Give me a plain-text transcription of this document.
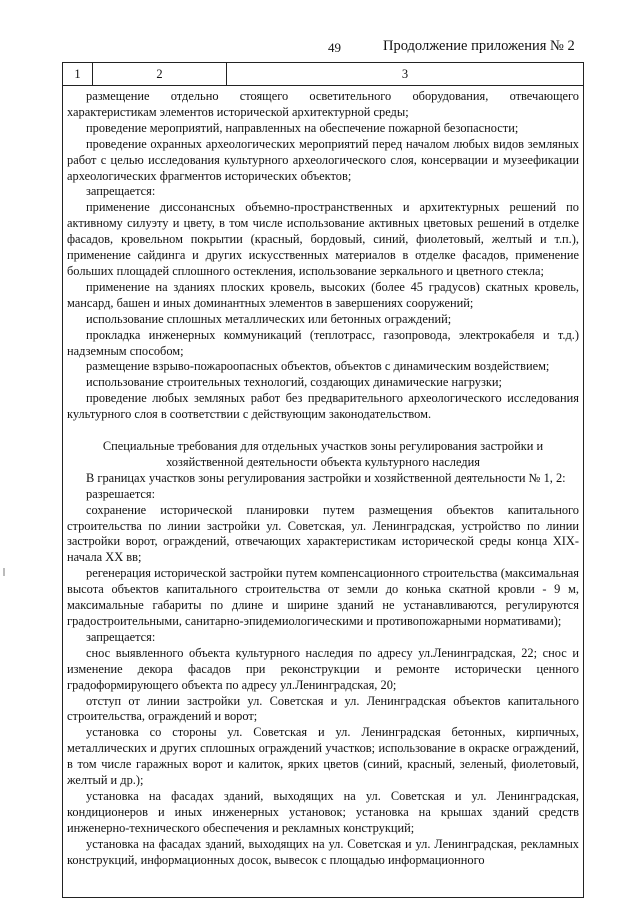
49	Продолжение приложения № 2
1	2	3

размещение отдельно стоящего осветительного оборудования, отвечающего характеристикам элементов исторической архитектурной среды;

проведение мероприятий, направленных на обеспечение пожарной безопасности;

проведение охранных археологических мероприятий перед началом любых видов земляных работ с целью исследования культурного археологического слоя, консервации и музеефикации археологических фрагментов исторических объектов;

запрещается:

применение диссонансных объемно-пространственных и архитектурных решений по активному силуэту и цвету, в том числе использование активных цветовых решений в отделке фасадов, кровельном покрытии (красный, бордовый, синий, фиолетовый, желтый и т.п.), применение сайдинга и других искусственных материалов в отделке фасадов, применение больших площадей сплошного остекления, использование зеркального и цветного стекла;

применение на зданиях плоских кровель, высоких (более 45 градусов) скатных кровель, мансард, башен и иных доминантных элементов в завершениях сооружений;

использование сплошных металлических или бетонных ограждений;

прокладка инженерных коммуникаций (теплотрасс, газопровода, электрокабеля и т.д.) надземным способом;

размещение взрыво-пожароопасных объектов, объектов с динамическим воздействием;

использование строительных технологий, создающих динамические нагрузки;

проведение любых земляных работ без предварительного археологического исследования культурного слоя в соответствии с действующим законодательством.

Специальные требования для отдельных участков зоны регулирования застройки и хозяйственной деятельности объекта культурного наследия

В границах участков зоны регулирования застройки и хозяйственной деятельности № 1, 2:

разрешается:

сохранение исторической планировки путем размещения объектов капитального строительства по линии застройки ул. Советская, ул. Ленинградская, устройство по линии застройки ворот, ограждений, отвечающих характеристикам исторической среды конца XIX- начала XX вв;

регенерация исторической застройки путем компенсационного строительства (максимальная высота объектов капитального строительства от земли до конька скатной кровли - 9 м, максимальные габариты по длине и ширине зданий не устанавливаются, регулируются градостроительными, санитарно-эпидемиологическими и противопожарными нормативами);

запрещается:

снос выявленного объекта культурного наследия по адресу ул.Ленинградская, 22; снос и изменение декора фасадов при реконструкции и ремонте исторически ценного градоформирующего объекта по адресу ул.Ленинградская, 20;

отступ от линии застройки ул. Советская и ул. Ленинградская объектов капитального строительства, ограждений и ворот;

установка со стороны ул. Советская и ул. Ленинградская бетонных, кирпичных, металлических и других сплошных ограждений участков; использование в окраске ограждений, в том числе гаражных ворот и калиток, ярких цветов (синий, красный, зеленый, фиолетовый, желтый и др.);

установка на фасадах зданий, выходящих на ул. Советская и ул. Ленинградская, кондиционеров и иных инженерных установок; установка на крышах зданий средств инженерно-технического обеспечения и рекламных конструкций;

установка на фасадах зданий, выходящих на ул. Советская и ул. Ленинградская, рекламных конструкций, информационных досок, вывесок с площадью информационного
